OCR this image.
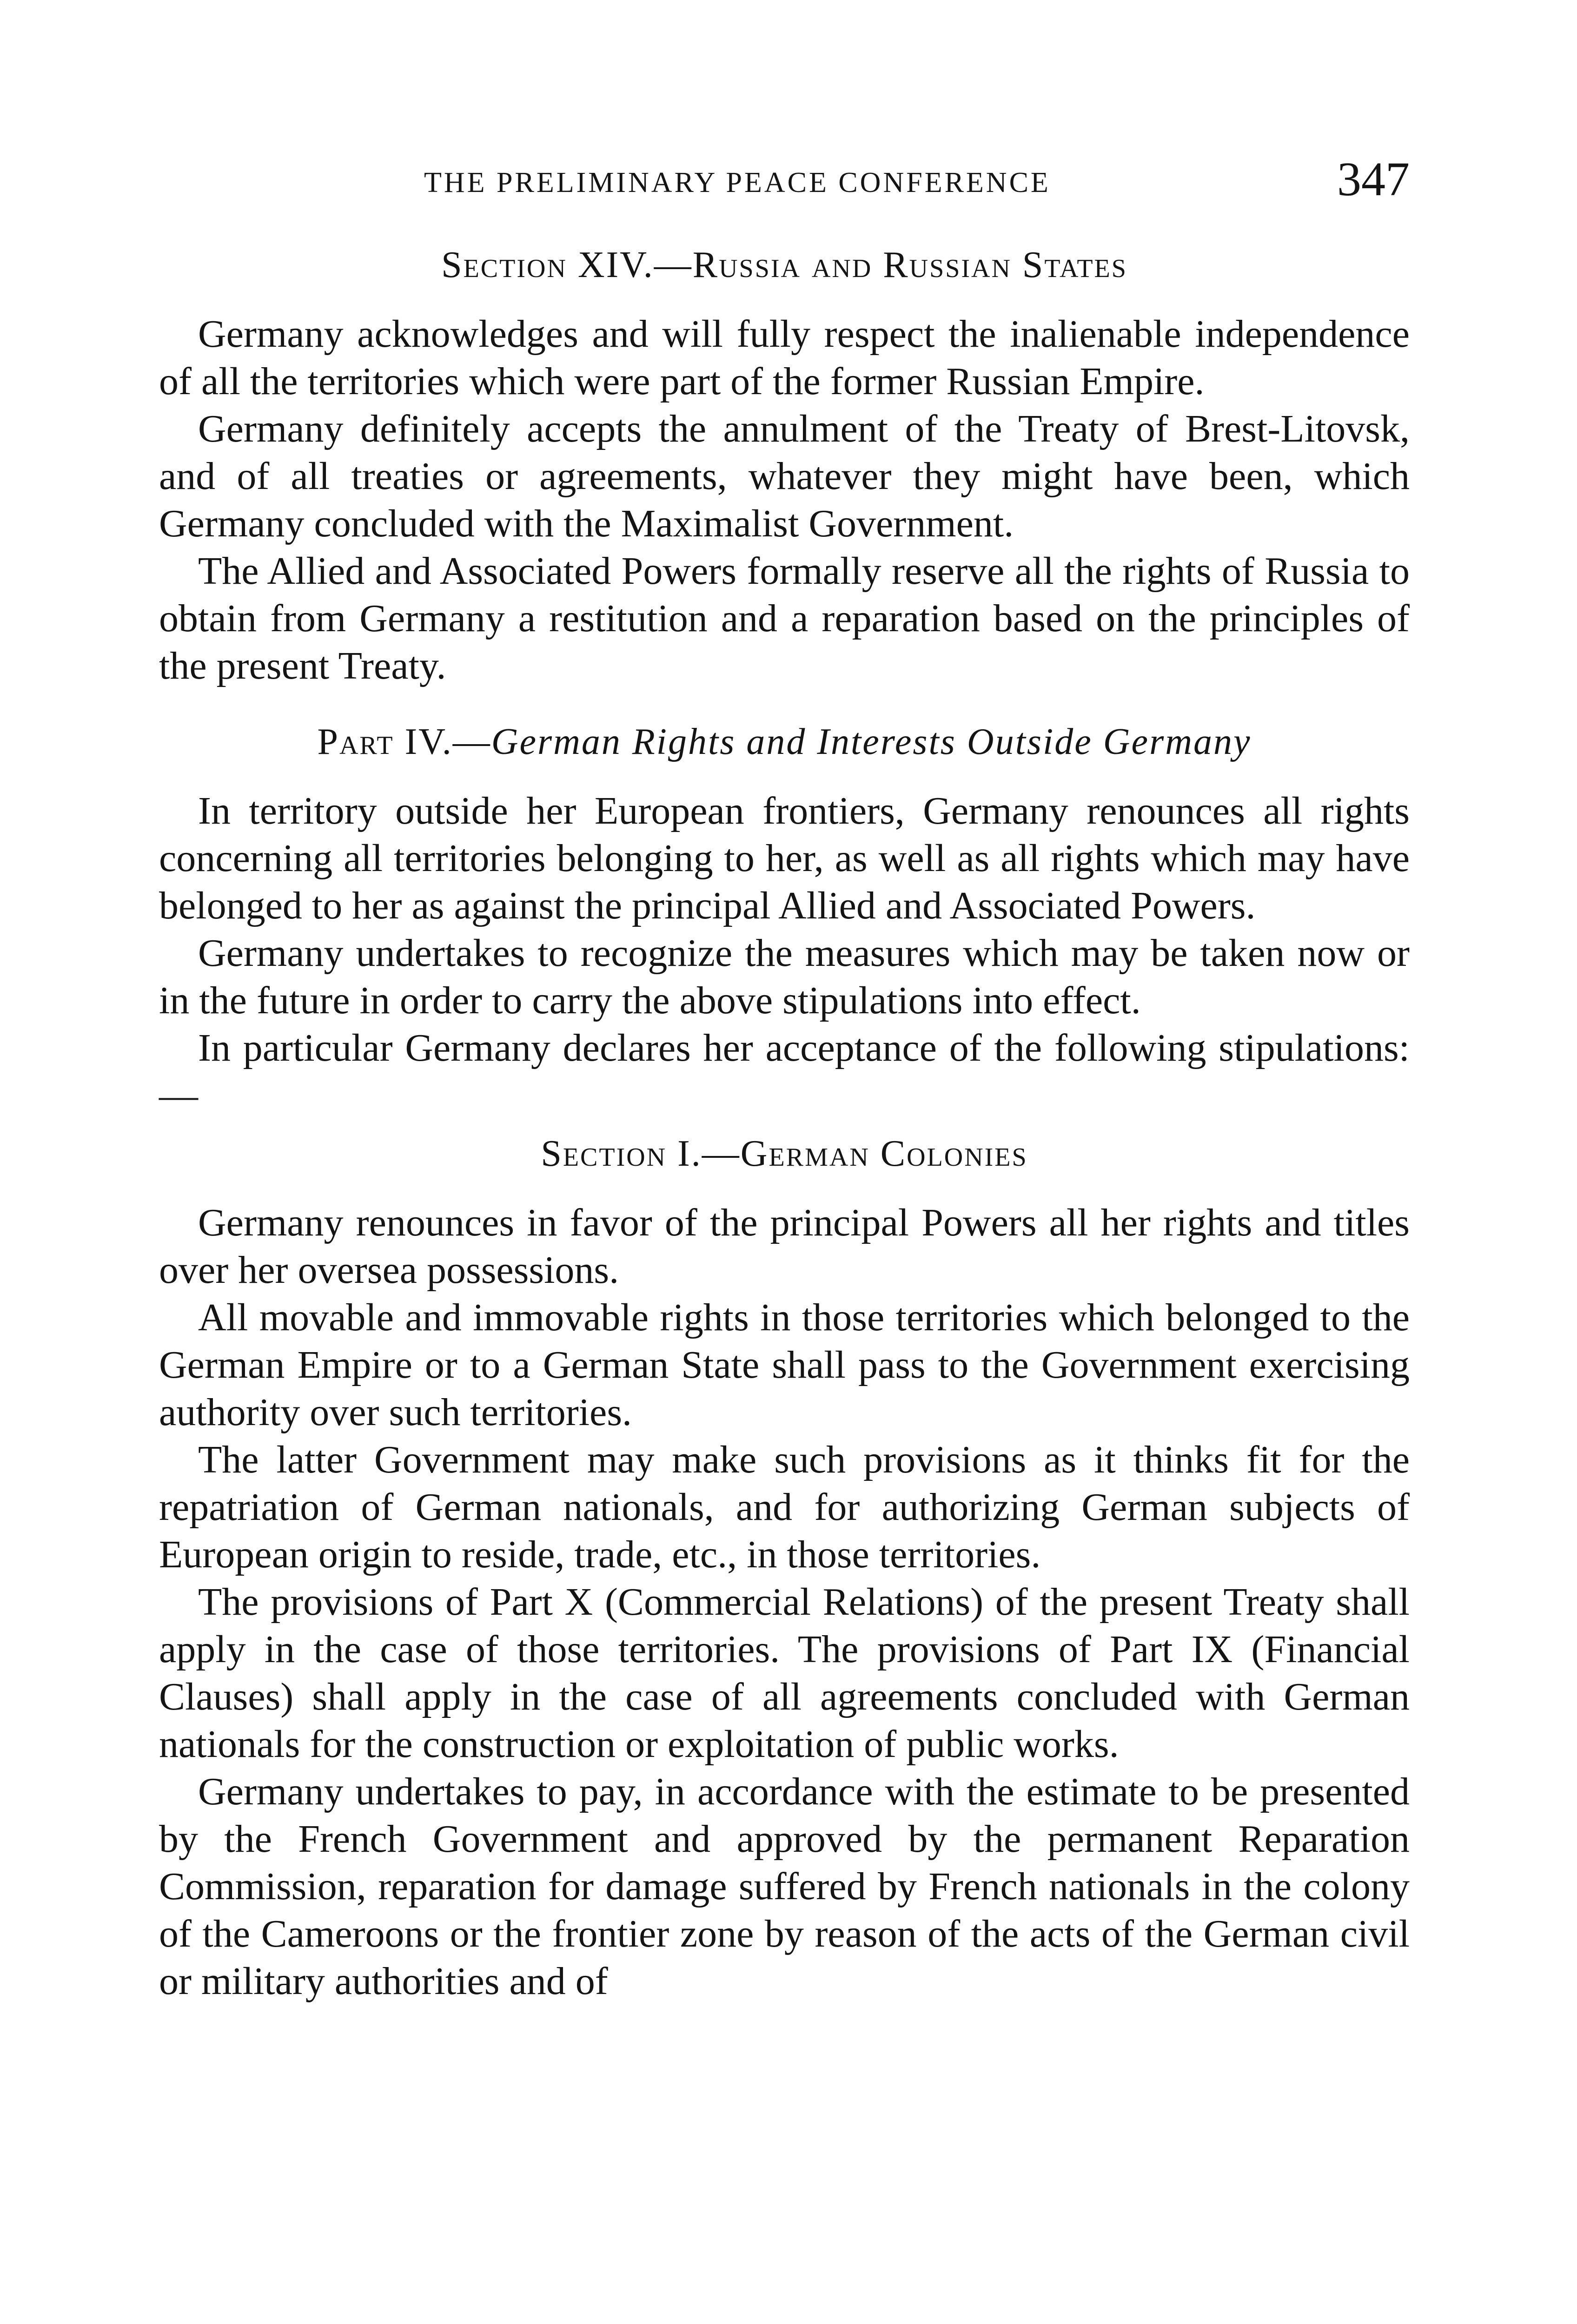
THE PRELIMINARY PEACE CONFERENCE	347
Section XIV.—Russia and Russian States

Germany acknowledges and will fully respect the inalienable independence of all the territories which were part of the former Russian Empire.

Germany definitely accepts the annulment of the Treaty of Brest-Litovsk, and of all treaties or agreements, whatever they might have been, which Germany concluded with the Maximalist Government.

The Allied and Associated Powers formally reserve all the rights of Russia to obtain from Germany a restitution and a reparation based on the principles of the present Treaty.

Part IV.—German Rights and Interests Outside Germany

In territory outside her European frontiers, Germany renounces all rights concerning all territories belonging to her, as well as all rights which may have belonged to her as against the principal Allied and Associated Powers.

Germany undertakes to recognize the measures which may be taken now or in the future in order to carry the above stipulations into effect.

In particular Germany declares her acceptance of the following stipulations:—

Section I.—German Colonies

Germany renounces in favor of the principal Powers all her rights and titles over her oversea possessions.

All movable and immovable rights in those territories which belonged to the German Empire or to a German State shall pass to the Government exercising authority over such territories.

The latter Government may make such provisions as it thinks fit for the repatriation of German nationals, and for authorizing German subjects of European origin to reside, trade, etc., in those territories.

The provisions of Part X (Commercial Relations) of the present Treaty shall apply in the case of those territories. The provisions of Part IX (Financial Clauses) shall apply in the case of all agreements concluded with German nationals for the construction or exploitation of public works.

Germany undertakes to pay, in accordance with the estimate to be presented by the French Government and approved by the permanent Reparation Commission, reparation for damage suffered by French nationals in the colony of the Cameroons or the frontier zone by reason of the acts of the German civil or military authorities and of
